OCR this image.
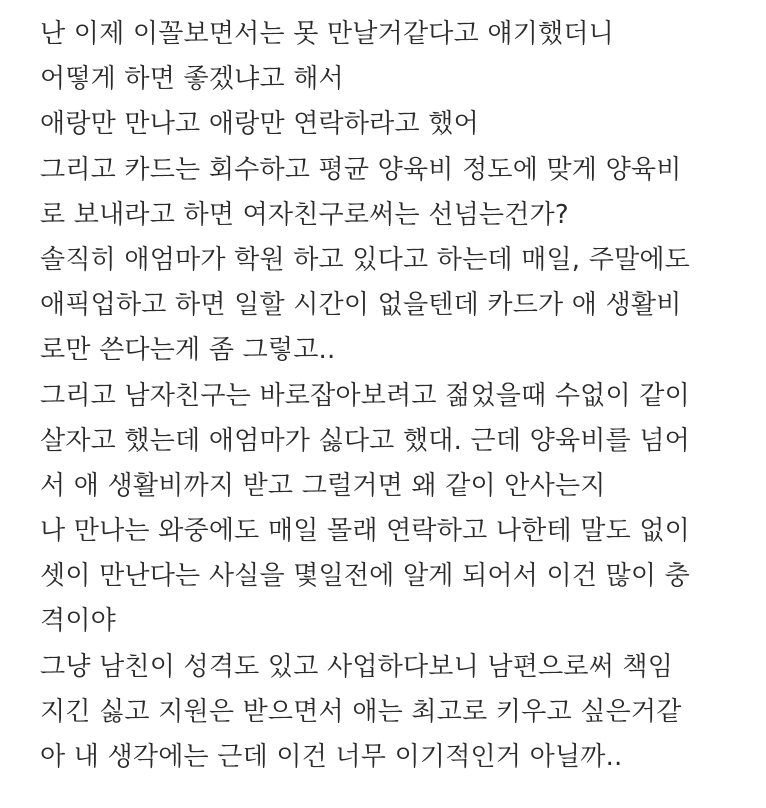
난 이제 이꼴보면서는 못 만날거같다고 얘기했더니
어떻게 하면 좋겠냐고 해서
애랑만 만나고 애랑만 연락하라고 했어
그리고 카드는 회수하고 평균 양육비 정도에 맞게 양육비
로 보내라고 하면 여자친구로써는 선넘는건가?
솔직히 애엄마가 학원 하고 있다고 하는데 매일, 주말에도
애픽업하고 하면 일할 시간이 없을텐데 카드가 애 생활비
로만 쓴다는게 좀 그렇고..
그리고 남자친구는 바로잡아보려고 젊었을때 수없이 같이
살자고 했는데 애엄마가 싫다고 했대. 근데 양육비를 넘어
서 애 생활비까지 받고 그럴거면 왜 같이 안사는지
나 만나는 와중에도 매일 몰래 연락하고 나한테 말도 없이
셋이 만난다는 사실을 몇일전에 알게 되어서 이건 많이 충
격이야
그냥 남친이 성격도 있고 사업하다보니 남편으로써 책임
지긴 싫고 지원은 받으면서 애는 최고로 키우고 싶은거같
아 내 생각에는 근데 이건 너무 이기적인거 아닐까..
